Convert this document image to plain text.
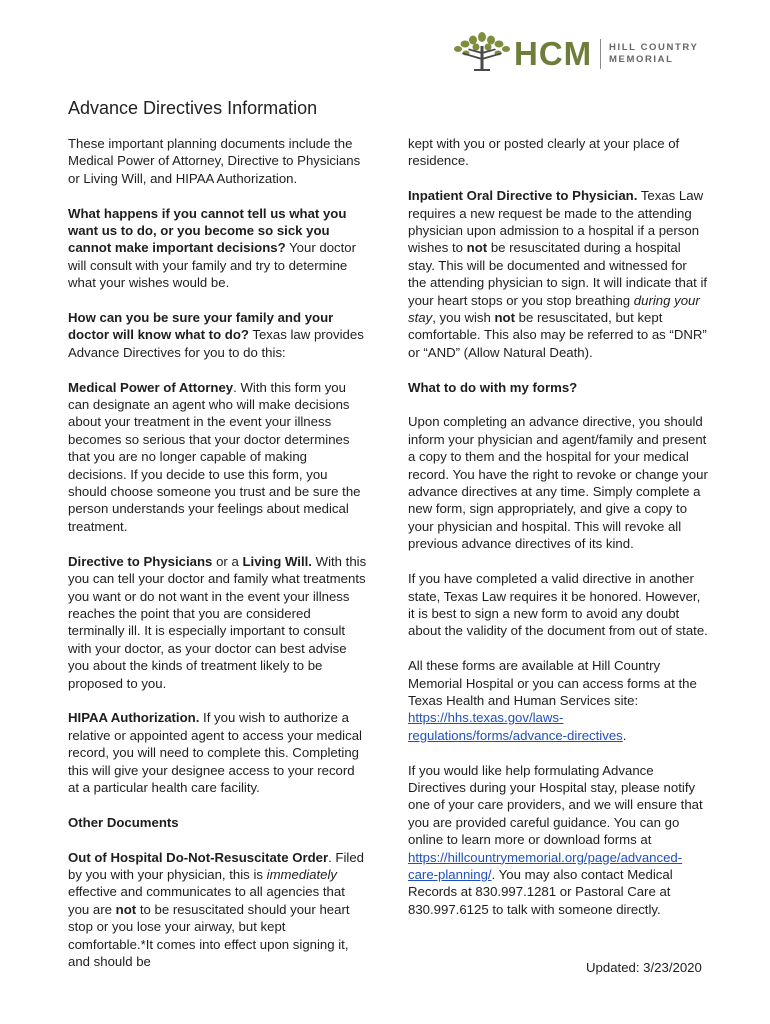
HCM HILL COUNTRY
MEMORIAL
Advance Directives Information

These important planning documents include the Medical Power of Attorney, Directive to Physicians or Living Will, and HIPAA Authorization.

What happens if you cannot tell us what you want us to do, or you become so sick you cannot make important decisions? Your doctor will consult with your family and try to determine what your wishes would be.

How can you be sure your family and your doctor will know what to do? Texas law provides Advance Directives for you to do this:

Medical Power of Attorney. With this form you can designate an agent who will make decisions about your treatment in the event your illness becomes so serious that your doctor determines that you are no longer capable of making decisions. If you decide to use this form, you should choose someone you trust and be sure the person understands your feelings about medical treatment.

Directive to Physicians or a Living Will. With this you can tell your doctor and family what treatments you want or do not want in the event your illness reaches the point that you are considered terminally ill. It is especially important to consult with your doctor, as your doctor can best advise you about the kinds of treatment likely to be proposed to you.

HIPAA Authorization. If you wish to authorize a relative or appointed agent to access your medical record, you will need to complete this. Completing this will give your designee access to your record at a particular health care facility.

Other Documents

Out of Hospital Do-Not-Resuscitate Order. Filed by you with your physician, this is immediately effective and communicates to all agencies that you are not to be resuscitated should your heart stop or you lose your airway, but kept comfortable.*It comes into effect upon signing it, and should be

kept with you or posted clearly at your place of residence.

Inpatient Oral Directive to Physician. Texas Law requires a new request be made to the attending physician upon admission to a hospital if a person wishes to not be resuscitated during a hospital stay. This will be documented and witnessed for the attending physician to sign. It will indicate that if your heart stops or you stop breathing during your stay, you wish not be resuscitated, but kept comfortable. This also may be referred to as “DNR” or “AND” (Allow Natural Death).

What to do with my forms?

Upon completing an advance directive, you should inform your physician and agent/family and present a copy to them and the hospital for your medical record. You have the right to revoke or change your advance directives at any time. Simply complete a new form, sign appropriately, and give a copy to your physician and hospital. This will revoke all previous advance directives of its kind.

If you have completed a valid directive in another state, Texas Law requires it be honored. However, it is best to sign a new form to avoid any doubt about the validity of the document from out of state.

All these forms are available at Hill Country Memorial Hospital or you can access forms at the Texas Health and Human Services site: https://hhs.texas.gov/laws-regulations/forms/advance-directives.

If you would like help formulating Advance Directives during your Hospital stay, please notify one of your care providers, and we will ensure that you are provided careful guidance. You can go online to learn more or download forms at https://hillcountrymemorial.org/page/advanced-care-planning/. You may also contact Medical Records at 830.997.1281 or Pastoral Care at 830.997.6125 to talk with someone directly.

Updated: 3/23/2020
